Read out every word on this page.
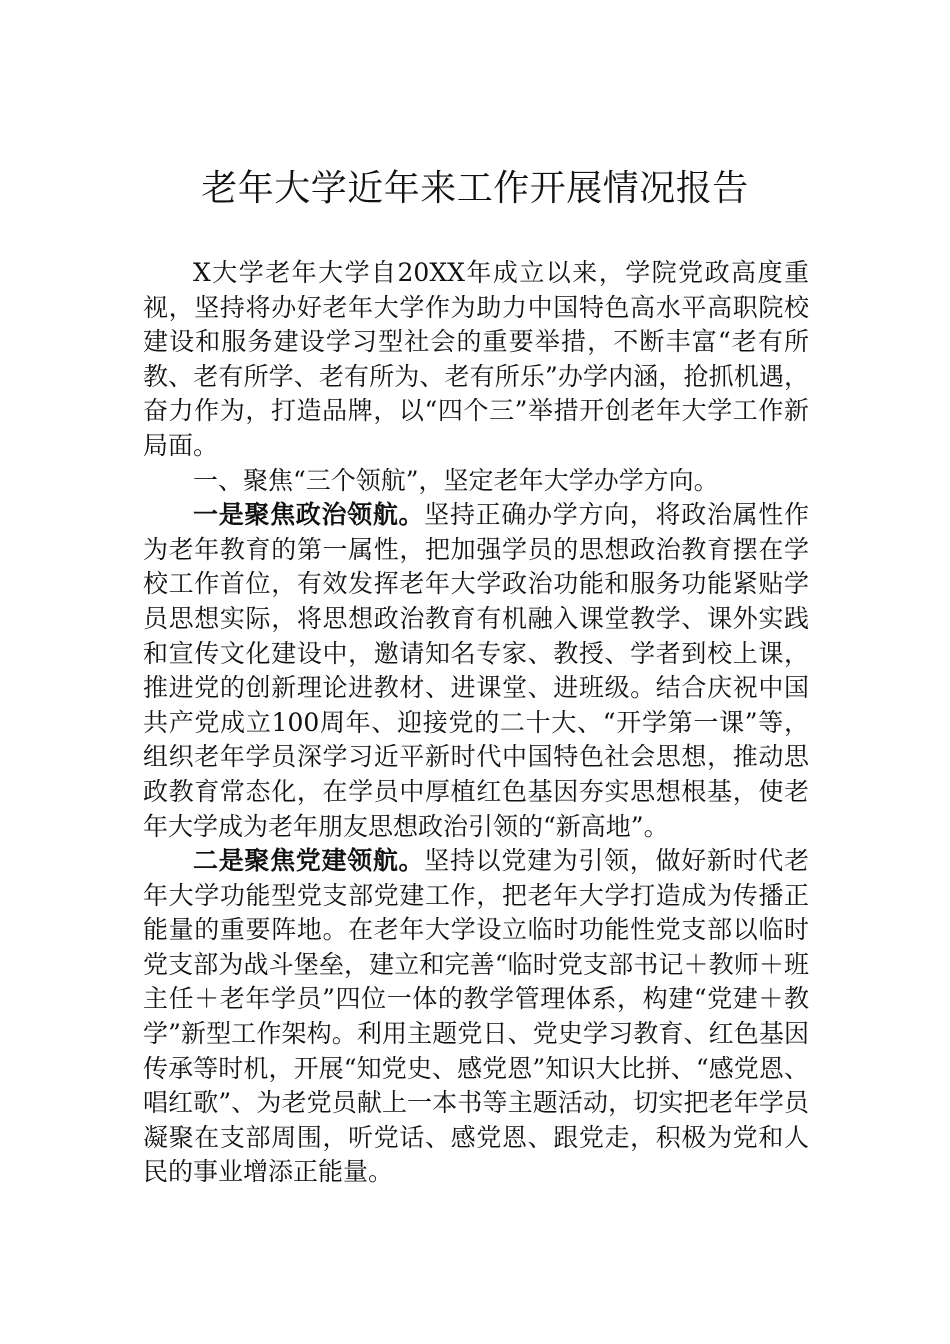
老年大学近年来工作开展情况报告

X大学老年大学自20XX年成立以来，学院党政高度重视，坚持将办好老年大学作为助力中国特色高水平高职院校建设和服务建设学习型社会的重要举措，不断丰富“老有所教、老有所学、老有所为、老有所乐”办学内涵，抢抓机遇，奋力作为，打造品牌，以“四个三”举措开创老年大学工作新局面。

一、聚焦“三个领航”，坚定老年大学办学方向。

一是聚焦政治领航。坚持正确办学方向，将政治属性作为老年教育的第一属性，把加强学员的思想政治教育摆在学校工作首位，有效发挥老年大学政治功能和服务功能紧贴学员思想实际，将思想政治教育有机融入课堂教学、课外实践和宣传文化建设中，邀请知名专家、教授、学者到校上课，推进党的创新理论进教材、进课堂、进班级。结合庆祝中国共产党成立100周年、迎接党的二十大、“开学第一课”等，组织老年学员深学习近平新时代中国特色社会思想，推动思政教育常态化，在学员中厚植红色基因夯实思想根基，使老年大学成为老年朋友思想政治引领的“新高地”。

二是聚焦党建领航。坚持以党建为引领，做好新时代老年大学功能型党支部党建工作，把老年大学打造成为传播正能量的重要阵地。在老年大学设立临时功能性党支部以临时党支部为战斗堡垒，建立和完善“临时党支部书记＋教师＋班主任＋老年学员”四位一体的教学管理体系，构建“党建＋教学”新型工作架构。利用主题党日、党史学习教育、红色基因传承等时机，开展“知党史、感党恩”知识大比拼、“感党恩、唱红歌”、为老党员献上一本书等主题活动，切实把老年学员凝聚在支部周围，听党话、感党恩、跟党走，积极为党和人民的事业增添正能量。
